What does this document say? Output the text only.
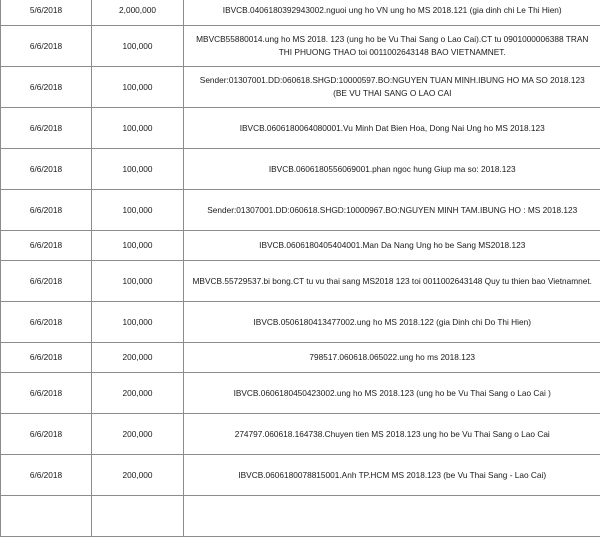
5/6/2018	2,000,000	IBVCB.0406180392943002.nguoi ung ho VN ung ho MS 2018.121 (gia dinh chi Le Thi Hien)
6/6/2018	100,000	MBVCB55880014.ung ho MS 2018. 123 (ung ho be Vu Thai Sang o Lao Cai).CT tu 0901000006388 TRAN THI PHUONG THAO toi 0011002643148 BAO VIETNAMNET.
6/6/2018	100,000	Sender:01307001.DD:060618.SHGD:10000597.BO:NGUYEN TUAN MINH.IBUNG HO MA SO 2018.123 (BE VU THAI SANG O LAO CAI
6/6/2018	100,000	IBVCB.0606180064080001.Vu Minh Dat Bien Hoa, Dong Nai Ung ho MS 2018.123
6/6/2018	100,000	IBVCB.0606180556069001.phan ngoc hung Giup ma so: 2018.123
6/6/2018	100,000	Sender:01307001.DD:060618.SHGD:10000967.BO:NGUYEN MINH TAM.IBUNG HO : MS 2018.123
6/6/2018	100,000	IBVCB.0606180405404001.Man Da Nang Ung ho be Sang MS2018.123
6/6/2018	100,000	MBVCB.55729537.bi bong.CT tu vu thai sang MS2018 123 toi 0011002643148 Quy tu thien bao Vietnamnet.
6/6/2018	100,000	IBVCB.0506180413477002.ung ho MS 2018.122 (gia Dinh chi Do Thi Hien)
6/6/2018	200,000	798517.060618.065022.ung ho ms 2018.123
6/6/2018	200,000	IBVCB.0606180450423002.ung ho MS 2018.123 (ung ho be Vu Thai Sang o Lao Cai )
6/6/2018	200,000	274797.060618.164738.Chuyen tien MS 2018.123 ung ho be Vu Thai Sang o Lao Cai
6/6/2018	200,000	IBVCB.0606180078815001.Anh TP.HCM MS 2018.123 (be Vu Thai Sang - Lao Cai)
